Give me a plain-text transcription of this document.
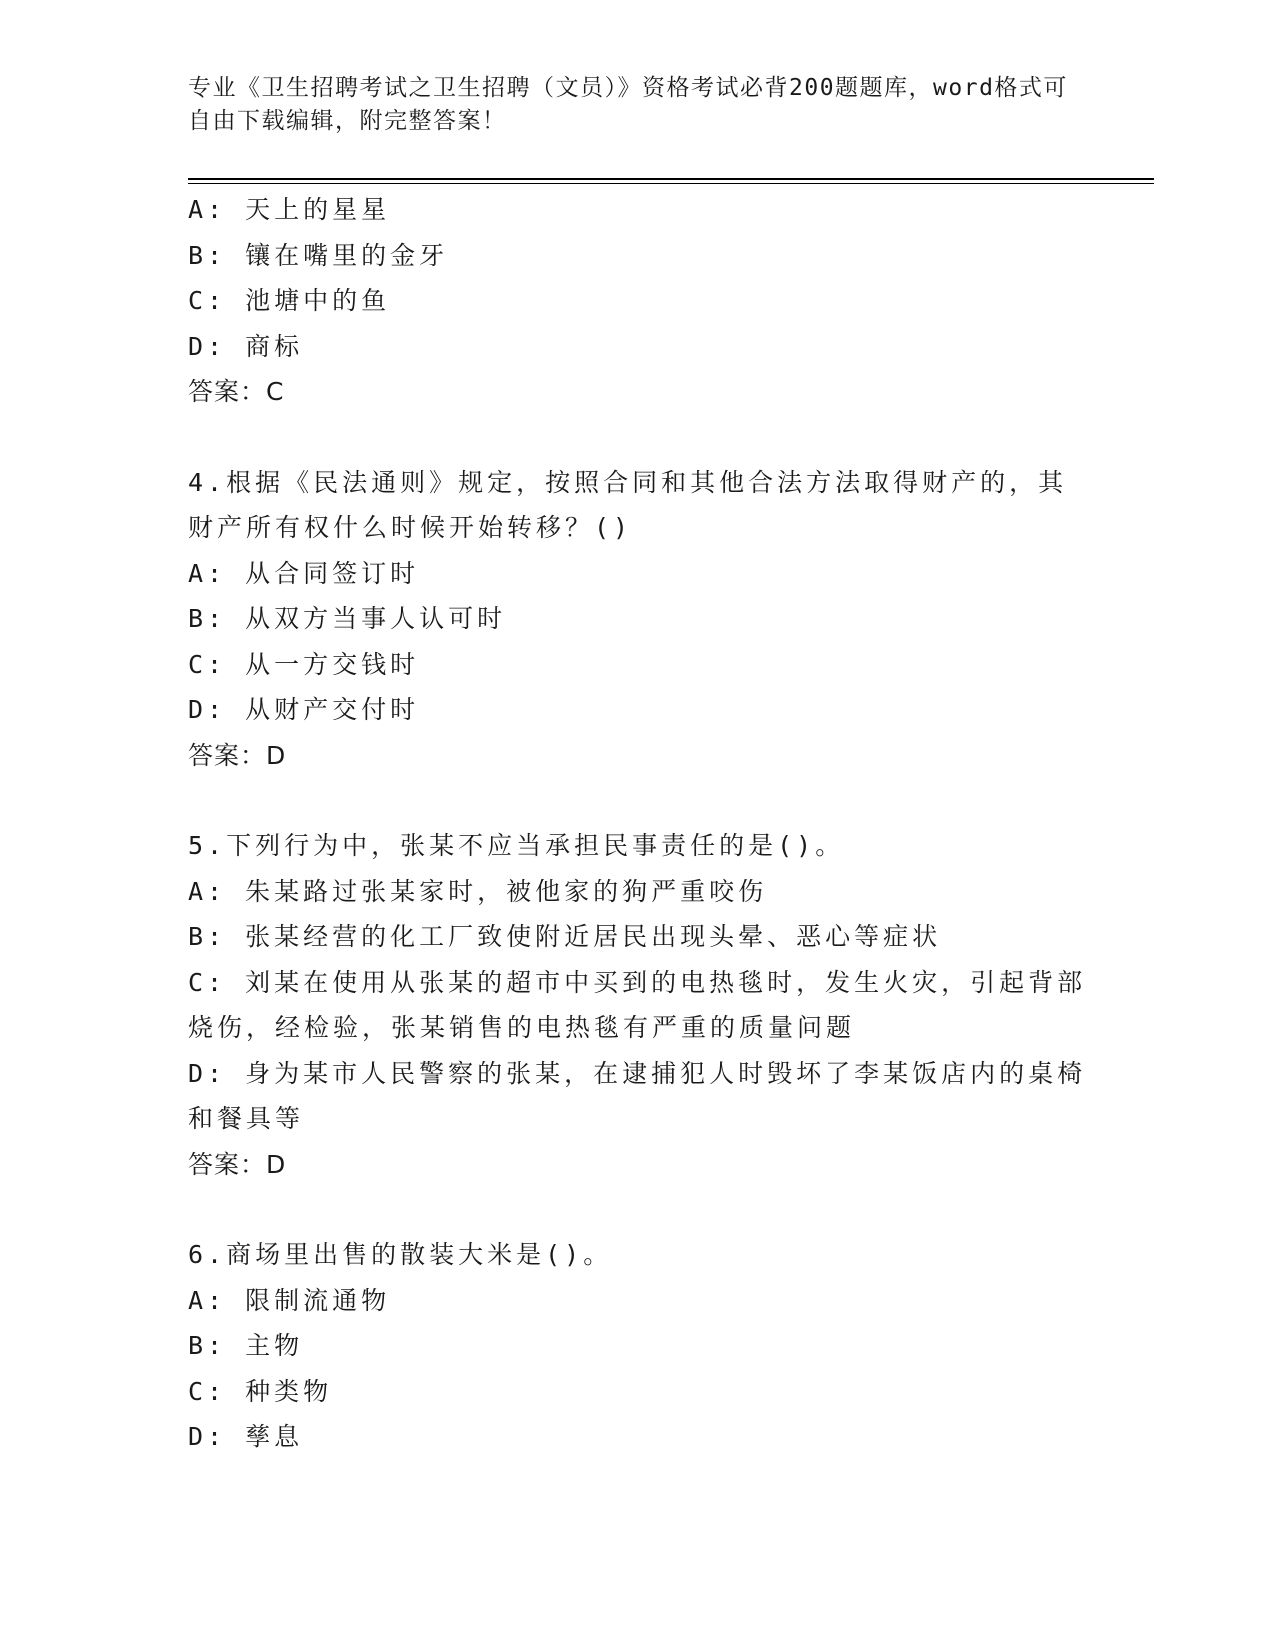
专业《卫生招聘考试之卫生招聘（文员）》资格考试必背200题题库，word格式可自由下载编辑，附完整答案！

A: 天上的星星

B: 镶在嘴里的金牙

C: 池塘中的鱼

D: 商标

答案：C

4.根据《民法通则》规定，按照合同和其他合法方法取得财产的，其财产所有权什么时候开始转移？()

A: 从合同签订时

B: 从双方当事人认可时

C: 从一方交钱时

D: 从财产交付时

答案：D

5.下列行为中，张某不应当承担民事责任的是()。

A: 朱某路过张某家时，被他家的狗严重咬伤

B: 张某经营的化工厂致使附近居民出现头晕、恶心等症状

C: 刘某在使用从张某的超市中买到的电热毯时，发生火灾，引起背部烧伤，经检验，张某销售的电热毯有严重的质量问题

D: 身为某市人民警察的张某，在逮捕犯人时毁坏了李某饭店内的桌椅和餐具等

答案：D

6.商场里出售的散装大米是()。

A: 限制流通物

B: 主物

C: 种类物

D: 孳息
